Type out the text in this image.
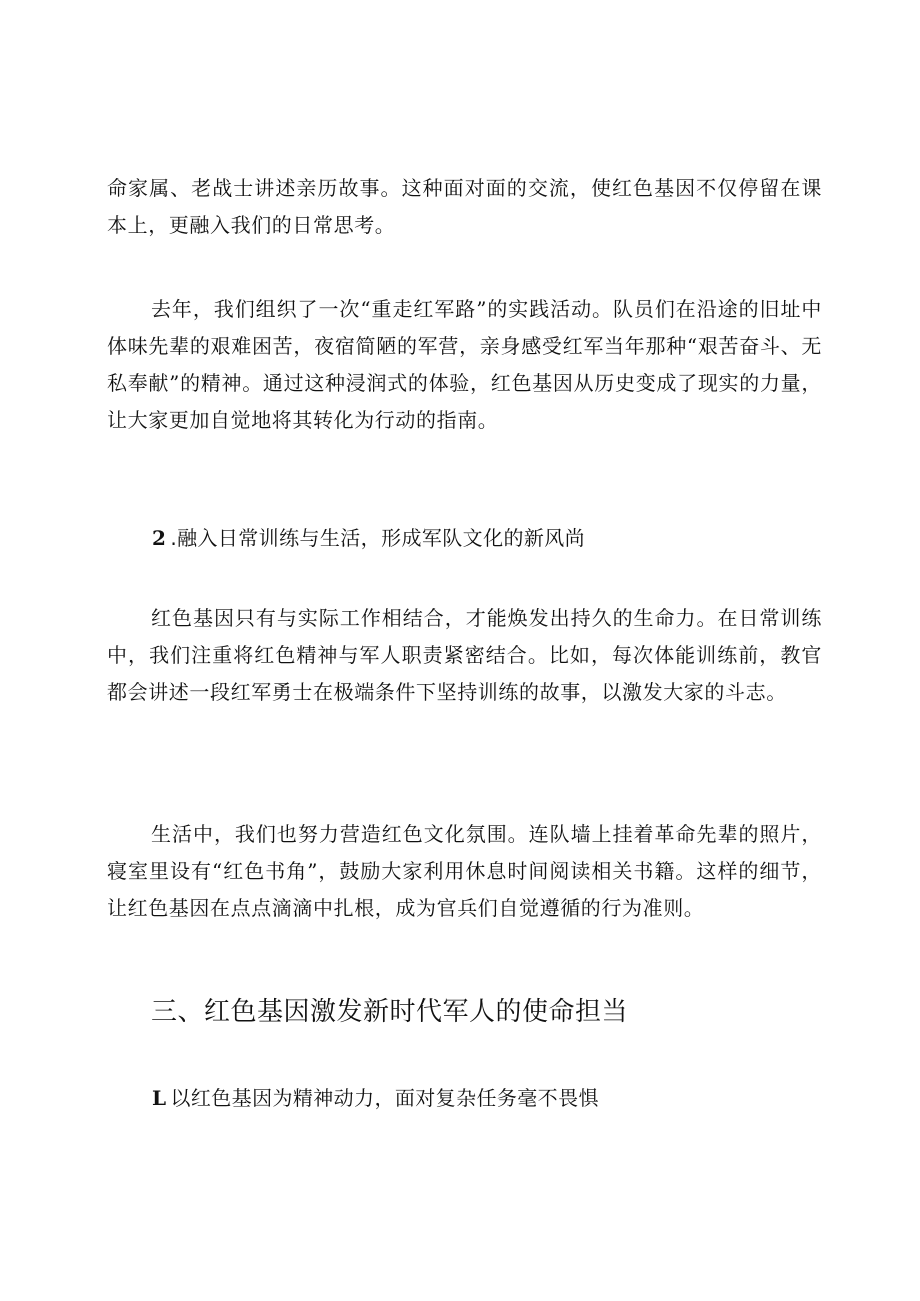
命家属、老战士讲述亲历故事。这种面对面的交流，使红色基因不仅停留在课本上，更融入我们的日常思考。

去年，我们组织了一次“重走红军路”的实践活动。队员们在沿途的旧址中体味先辈的艰难困苦，夜宿简陋的军营，亲身感受红军当年那种“艰苦奋斗、无私奉献”的精神。通过这种浸润式的体验，红色基因从历史变成了现实的力量，让大家更加自觉地将其转化为行动的指南。

2 .融入日常训练与生活，形成军队文化的新风尚

红色基因只有与实际工作相结合，才能焕发出持久的生命力。在日常训练中，我们注重将红色精神与军人职责紧密结合。比如，每次体能训练前，教官都会讲述一段红军勇士在极端条件下坚持训练的故事，以激发大家的斗志。

生活中，我们也努力营造红色文化氛围。连队墙上挂着革命先辈的照片，寝室里设有“红色书角”，鼓励大家利用休息时间阅读相关书籍。这样的细节，让红色基因在点点滴滴中扎根，成为官兵们自觉遵循的行为准则。

三、红色基因激发新时代军人的使命担当
L 以红色基因为精神动力，面对复杂任务毫不畏惧
